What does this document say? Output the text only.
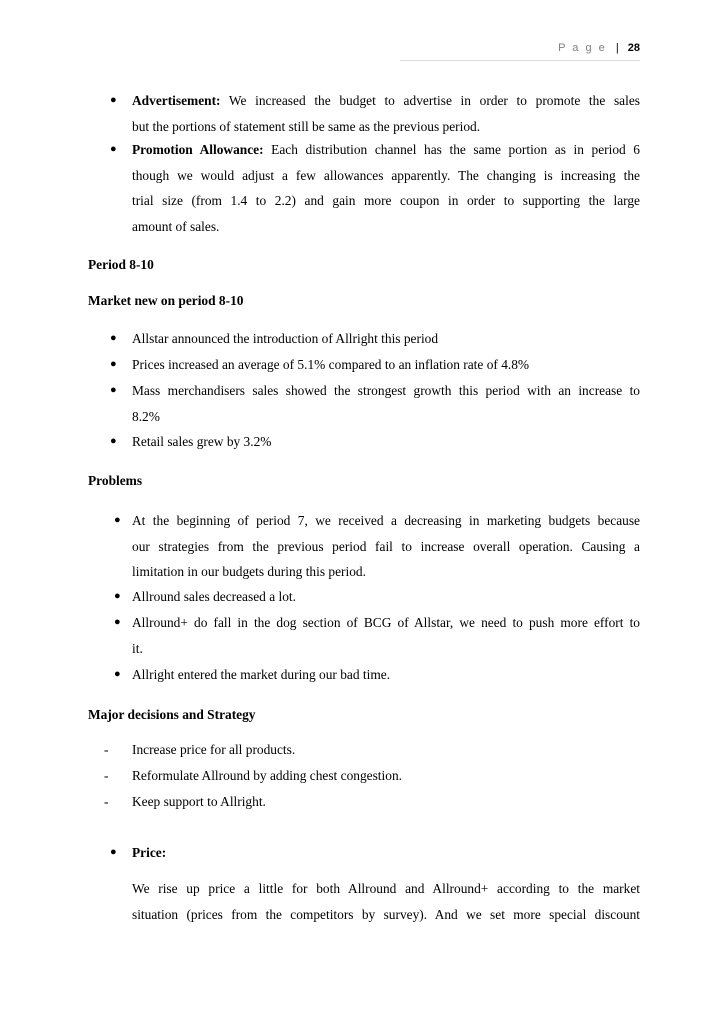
P a g e | 28
● Advertisement: We increased the budget to advertise in order to promote the sales

but the portions of statement still be same as the previous period.

● Promotion Allowance: Each distribution channel has the same portion as in period 6

though we would adjust a few allowances apparently. The changing is increasing the

trial size (from 1.4 to 2.2) and gain more coupon in order to supporting the large

amount of sales.

Period 8-10
Market new on period 8-10
● Allstar announced the introduction of Allright this period

● Prices increased an average of 5.1% compared to an inflation rate of 4.8%

● Mass merchandisers sales showed the strongest growth this period with an increase to

8.2%

● Retail sales grew by 3.2%

Problems
● At the beginning of period 7, we received a decreasing in marketing budgets because

our strategies from the previous period fail to increase overall operation. Causing a

limitation in our budgets during this period.

● Allround sales decreased a lot.

● Allround+ do fall in the dog section of BCG of Allstar, we need to push more effort to

it.

● Allright entered the market during our bad time.

Major decisions and Strategy
- Increase price for all products.
- Reformulate Allround by adding chest congestion.
- Keep support to Allright.
● Price:

We rise up price a little for both Allround and Allround+ according to the market

situation (prices from the competitors by survey). And we set more special discount
